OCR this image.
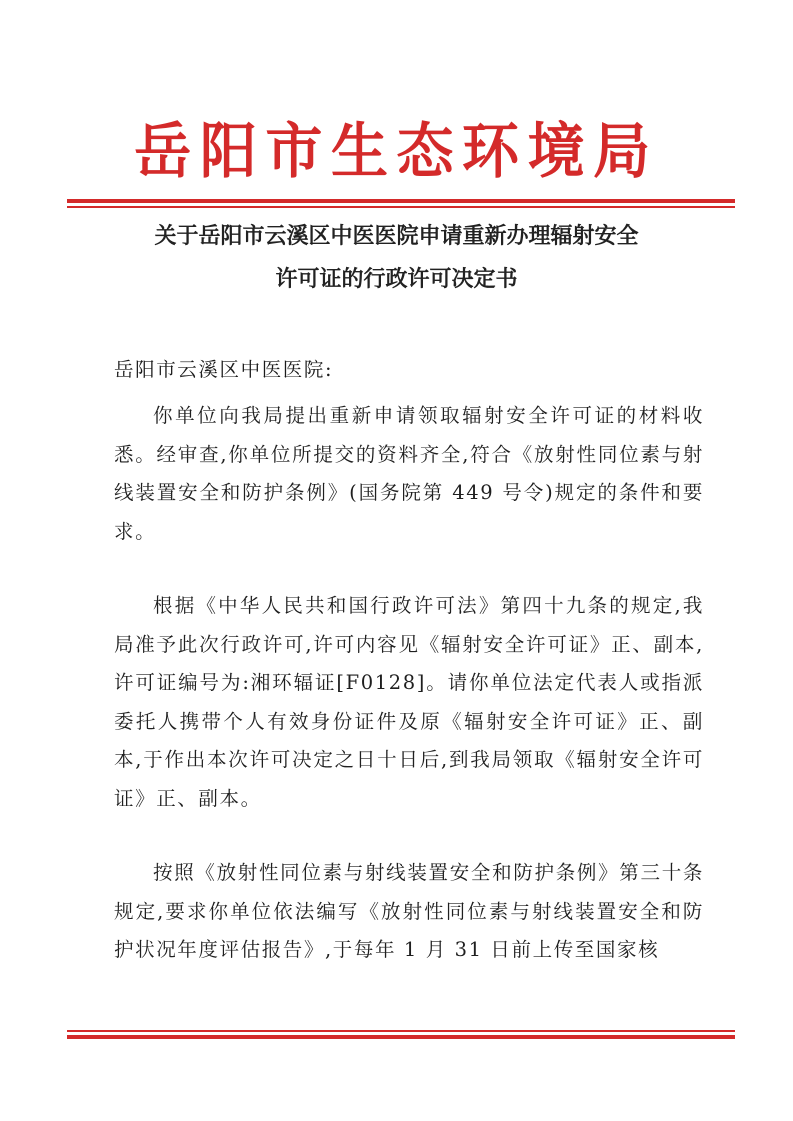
岳阳市生态环境局
关于岳阳市云溪区中医医院申请重新办理辐射安全
许可证的行政许可决定书
岳阳市云溪区中医医院:

你单位向我局提出重新申请领取辐射安全许可证的材料收悉。经审查,你单位所提交的资料齐全,符合《放射性同位素与射线装置安全和防护条例》(国务院第 449 号令)规定的条件和要求。

根据《中华人民共和国行政许可法》第四十九条的规定,我局准予此次行政许可,许可内容见《辐射安全许可证》正、副本,许可证编号为:湘环辐证[F0128]。请你单位法定代表人或指派委托人携带个人有效身份证件及原《辐射安全许可证》正、副本,于作出本次许可决定之日十日后,到我局领取《辐射安全许可证》正、副本。

按照《放射性同位素与射线装置安全和防护条例》第三十条规定,要求你单位依法编写《放射性同位素与射线装置安全和防护状况年度评估报告》,于每年 1 月 31 日前上传至国家核
